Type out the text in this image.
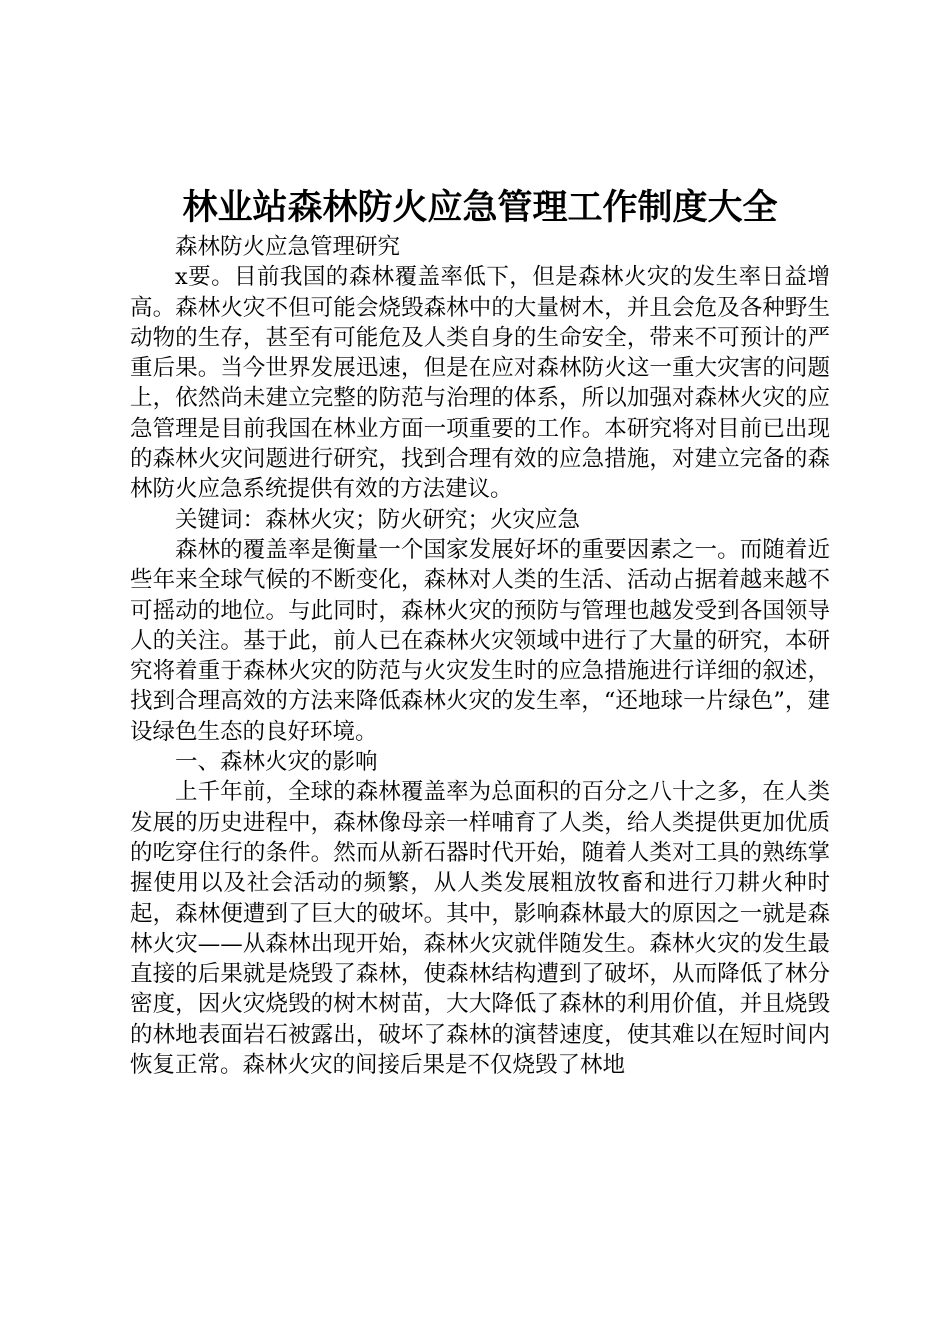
林业站森林防火应急管理工作制度大全

森林防火应急管理研究

x要。目前我国的森林覆盖率低下，但是森林火灾的发生率日益增高。森林火灾不但可能会烧毁森林中的大量树木，并且会危及各种野生动物的生存，甚至有可能危及人类自身的生命安全，带来不可预计的严重后果。当今世界发展迅速，但是在应对森林防火这一重大灾害的问题上，依然尚未建立完整的防范与治理的体系，所以加强对森林火灾的应急管理是目前我国在林业方面一项重要的工作。本研究将对目前已出现的森林火灾问题进行研究，找到合理有效的应急措施，对建立完备的森林防火应急系统提供有效的方法建议。

关键词：森林火灾；防火研究；火灾应急

森林的覆盖率是衡量一个国家发展好坏的重要因素之一。而随着近些年来全球气候的不断变化，森林对人类的生活、活动占据着越来越不可摇动的地位。与此同时，森林火灾的预防与管理也越发受到各国领导人的关注。基于此，前人已在森林火灾领域中进行了大量的研究，本研究将着重于森林火灾的防范与火灾发生时的应急措施进行详细的叙述，找到合理高效的方法来降低森林火灾的发生率，“还地球一片绿色”，建设绿色生态的良好环境。

一、森林火灾的影响

上千年前，全球的森林覆盖率为总面积的百分之八十之多，在人类发展的历史进程中，森林像母亲一样哺育了人类，给人类提供更加优质的吃穿住行的条件。然而从新石器时代开始，随着人类对工具的熟练掌握使用以及社会活动的频繁，从人类发展粗放牧畜和进行刀耕火种时起，森林便遭到了巨大的破坏。其中，影响森林最大的原因之一就是森林火灾——从森林出现开始，森林火灾就伴随发生。森林火灾的发生最直接的后果就是烧毁了森林，使森林结构遭到了破坏，从而降低了林分密度，因火灾烧毁的树木树苗，大大降低了森林的利用价值，并且烧毁的林地表面岩石被露出，破坏了森林的演替速度，使其难以在短时间内恢复正常。森林火灾的间接后果是不仅烧毁了林地
